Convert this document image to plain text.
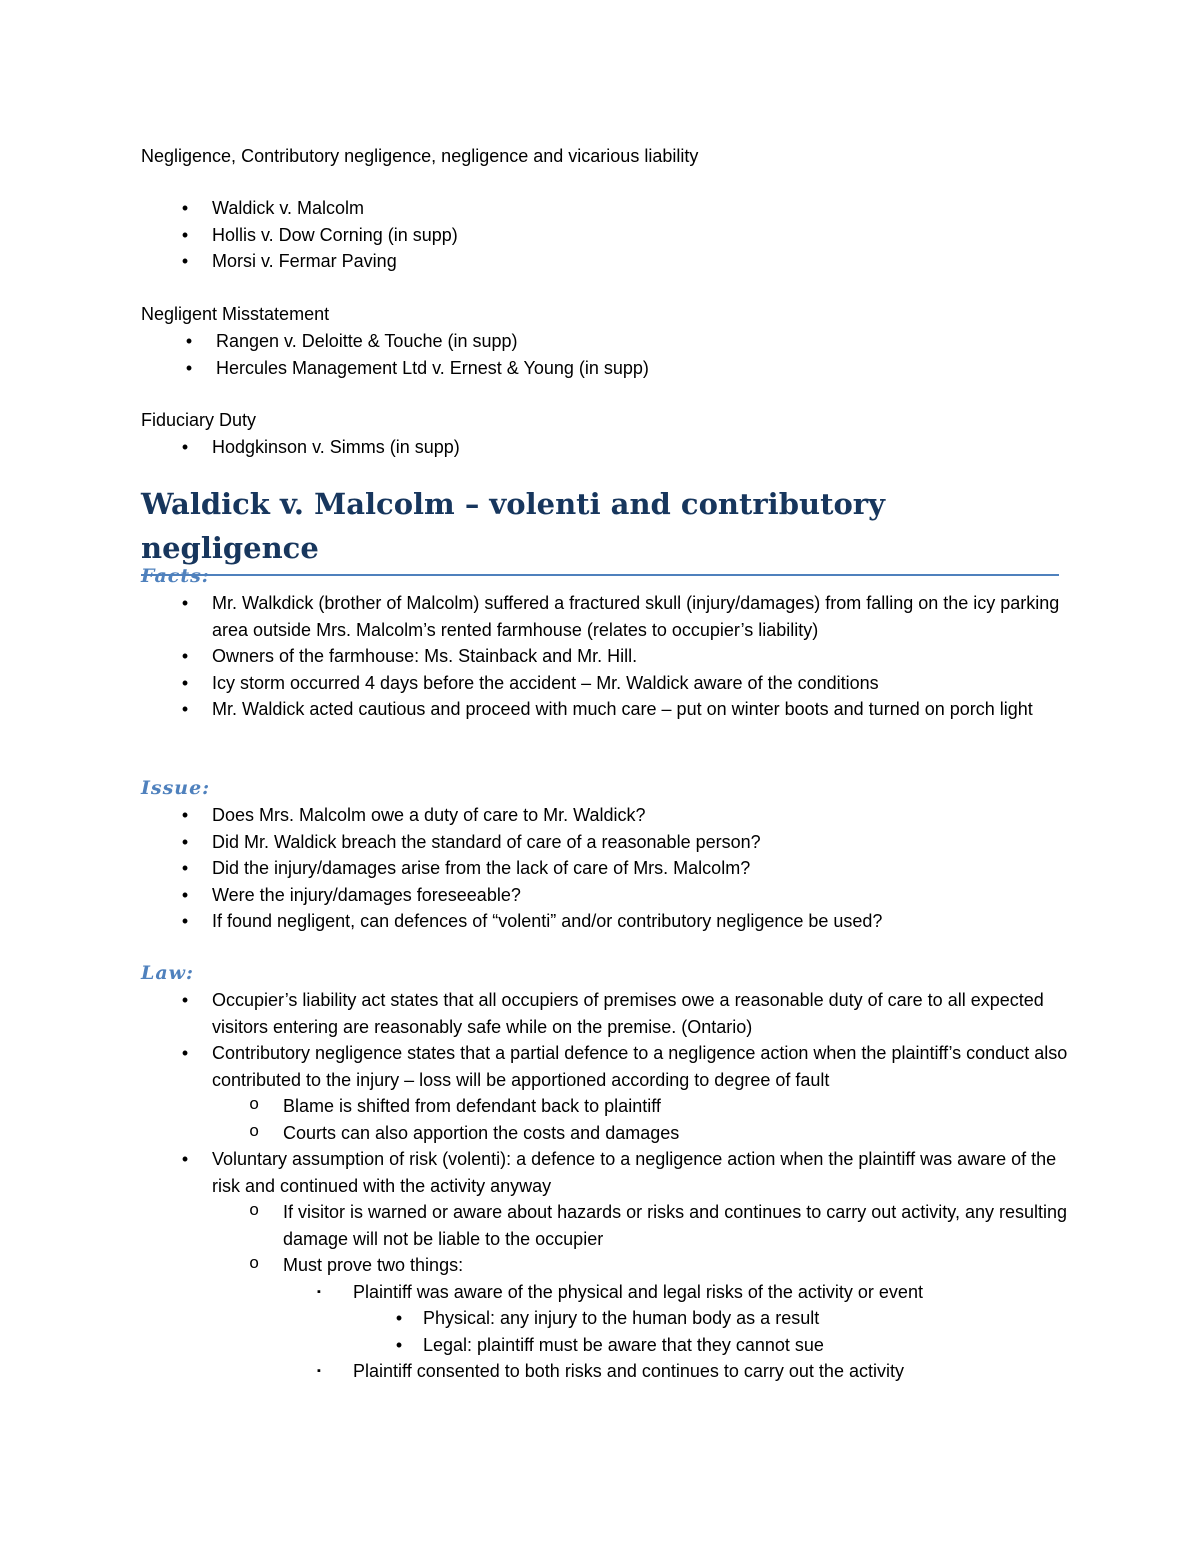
Negligence, Contributory negligence, negligence and vicarious liability

•	Waldick v. Malcolm
•	Hollis v. Dow Corning (in supp)
•	Morsi v. Fermar Paving

Negligent Misstatement

•	Rangen v. Deloitte & Touche (in supp)
•	Hercules Management Ltd v. Ernest & Young (in supp)

Fiduciary Duty

•	Hodgkinson v. Simms (in supp)
Waldick v. Malcolm – volenti and contributory negligence
Facts:
•	Mr. Walkdick (brother of Malcolm) suffered a fractured skull (injury/damages) from falling on the icy parking area outside Mrs. Malcolm’s rented farmhouse (relates to occupier’s liability)
•	Owners of the farmhouse: Ms. Stainback and Mr. Hill.
•	Icy storm occurred 4 days before the accident – Mr. Waldick aware of the conditions
•	Mr. Waldick acted cautious and proceed with much care – put on winter boots and turned on porch light
Issue:
•	Does Mrs. Malcolm owe a duty of care to Mr. Waldick?
•	Did Mr. Waldick breach the standard of care of a reasonable person?
•	Did the injury/damages arise from the lack of care of Mrs. Malcolm?
•	Were the injury/damages foreseeable?
•	If found negligent, can defences of “volenti” and/or contributory negligence be used?
Law:
•	Occupier’s liability act states that all occupiers of premises owe a reasonable duty of care to all expected visitors entering are reasonably safe while on the premise. (Ontario)
•	Contributory negligence states that a partial defence to a negligence action when the plaintiff’s conduct also contributed to the injury – loss will be apportioned according to degree of fault
o Blame is shifted from defendant back to plaintiff
o Courts can also apportion the costs and damages
•	Voluntary assumption of risk (volenti): a defence to a negligence action when the plaintiff was aware of the risk and continued with the activity anyway
o If visitor is warned or aware about hazards or risks and continues to carry out activity, any resulting damage will not be liable to the occupier
o Must prove two things:
▪ Plaintiff was aware of the physical and legal risks of the activity or event
•	Physical: any injury to the human body as a result
•	Legal: plaintiff must be aware that they cannot sue
▪ Plaintiff consented to both risks and continues to carry out the activity
